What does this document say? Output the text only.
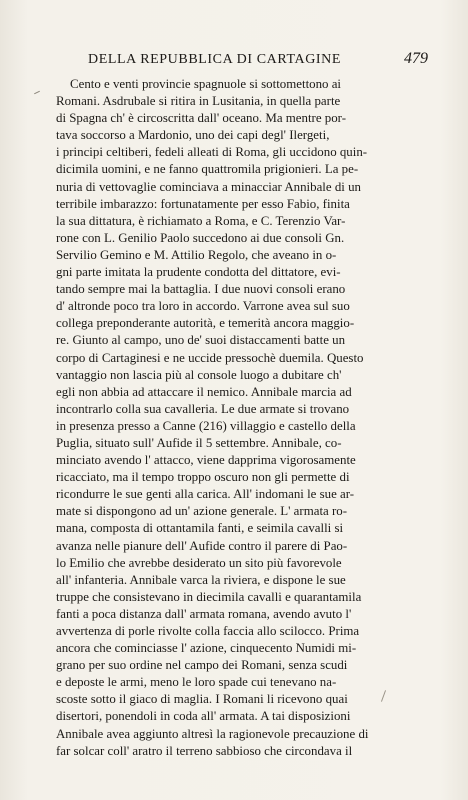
DELLA REPUBBLICA DI CARTAGINE	479
Cento e venti provincie spagnuole si sottomettono ai
Romani. Asdrubale si ritira in Lusitania, in quella parte
di Spagna ch' è circoscritta dall' oceano. Ma mentre por-
tava soccorso a Mardonio, uno dei capi degl' Ilergeti,
i principi celtiberi, fedeli alleati di Roma, gli uccidono quin-
dicimila uomini, e ne fanno quattromila prigionieri. La pe-
nuria di vettovaglie cominciava a minacciar Annibale di un
terribile imbarazzo: fortunatamente per esso Fabio, finita
la sua dittatura, è richiamato a Roma, e C. Terenzio Var-
rone con L. Genilio Paolo succedono ai due consoli Gn.
Servilio Gemino e M. Attilio Regolo, che aveano in o-
gni parte imitata la prudente condotta del dittatore, evi-
tando sempre mai la battaglia. I due nuovi consoli erano
d' altronde poco tra loro in accordo. Varrone avea sul suo
collega preponderante autorità, e temerità ancora maggio-
re. Giunto al campo, uno de' suoi distaccamenti batte un
corpo di Cartaginesi e ne uccide pressochè duemila. Questo
vantaggio non lascia più al console luogo a dubitare ch'
egli non abbia ad attaccare il nemico. Annibale marcia ad
incontrarlo colla sua cavalleria. Le due armate si trovano
in presenza presso a Canne (216) villaggio e castello della
Puglia, situato sull' Aufide il 5 settembre. Annibale, co-
minciato avendo l' attacco, viene dapprima vigorosamente
ricacciato, ma il tempo troppo oscuro non gli permette di
ricondurre le sue genti alla carica. All' indomani le sue ar-
mate si dispongono ad un' azione generale. L' armata ro-
mana, composta di ottantamila fanti, e seimila cavalli si
avanza nelle pianure dell' Aufide contro il parere di Pao-
lo Emilio che avrebbe desiderato un sito più favorevole
all' infanteria. Annibale varca la riviera, e dispone le sue
truppe che consistevano in diecimila cavalli e quarantamila
fanti a poca distanza dall' armata romana, avendo avuto l'
avvertenza di porle rivolte colla faccia allo scilocco. Prima
ancora che cominciasse l' azione, cinquecento Numidi mi-
grano per suo ordine nel campo dei Romani, senza scudi
e deposte le armi, meno le loro spade cui tenevano na-
scoste sotto il giaco di maglia. I Romani li ricevono quai
disertori, ponendoli in coda all' armata. A tai disposizioni
Annibale avea aggiunto altresì la ragionevole precauzione di
far solcar coll' aratro il terreno sabbioso che circondava il
